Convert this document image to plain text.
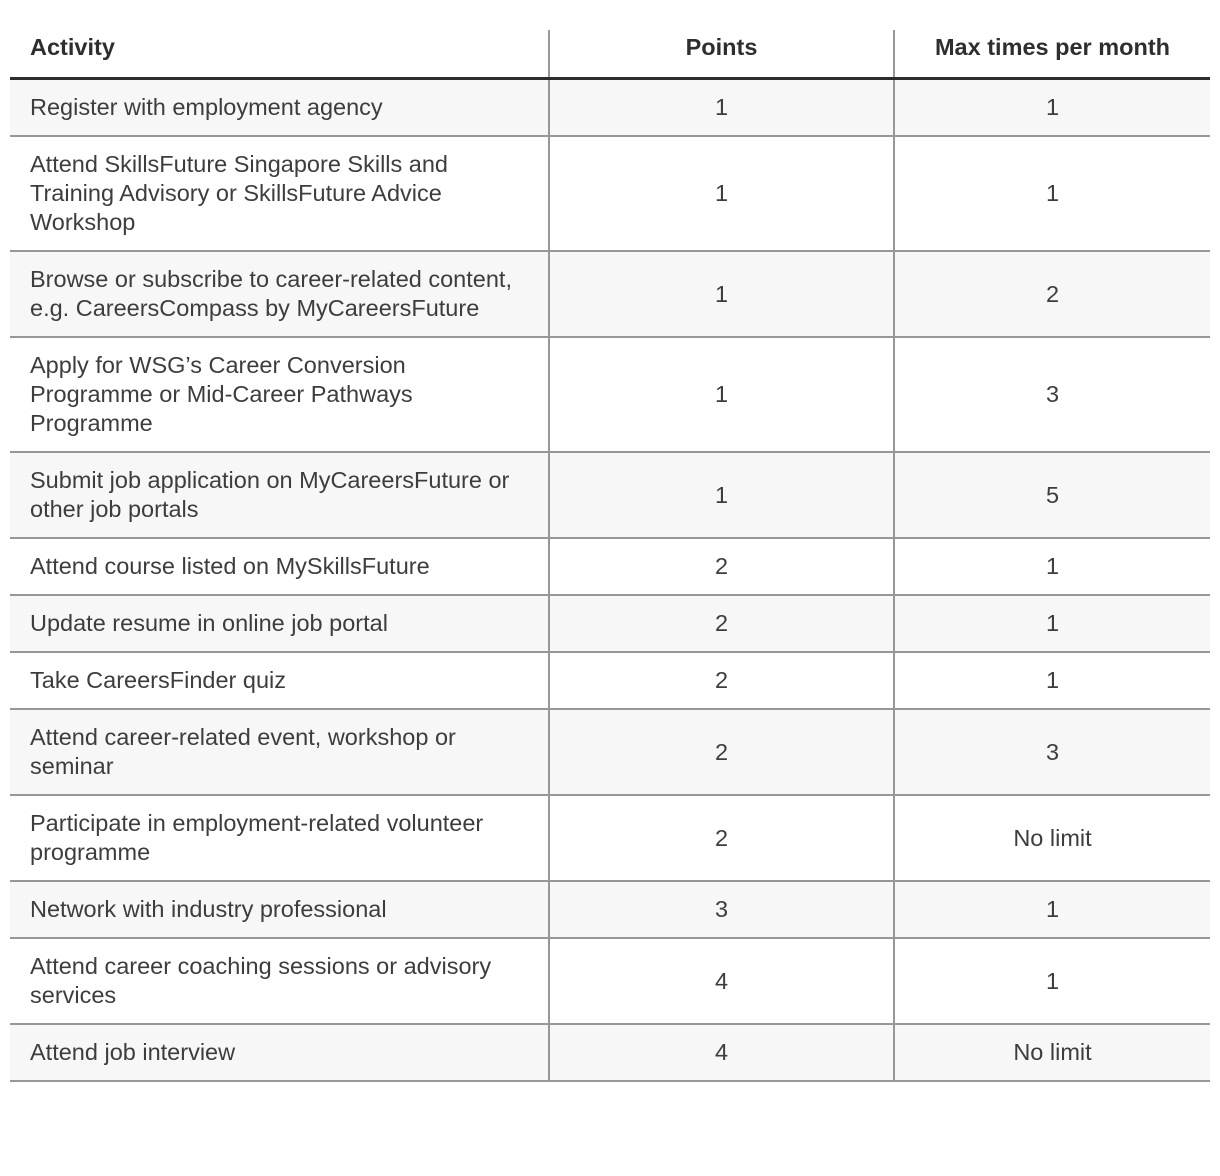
Activity	Points	Max times per month
Register with employment agency	1	1
Attend SkillsFuture Singapore Skills and Training Advisory or SkillsFuture Advice Workshop	1	1
Browse or subscribe to career-related content, e.g. CareersCompass by MyCareersFuture	1	2
Apply for WSG’s Career Conversion Programme or Mid-Career Pathways Programme	1	3
Submit job application on MyCareersFuture or other job portals	1	5
Attend course listed on MySkillsFuture	2	1
Update resume in online job portal	2	1
Take CareersFinder quiz	2	1
Attend career-related event, workshop or seminar	2	3
Participate in employment-related volunteer programme	2	No limit
Network with industry professional	3	1
Attend career coaching sessions or advisory services	4	1
Attend job interview	4	No limit
